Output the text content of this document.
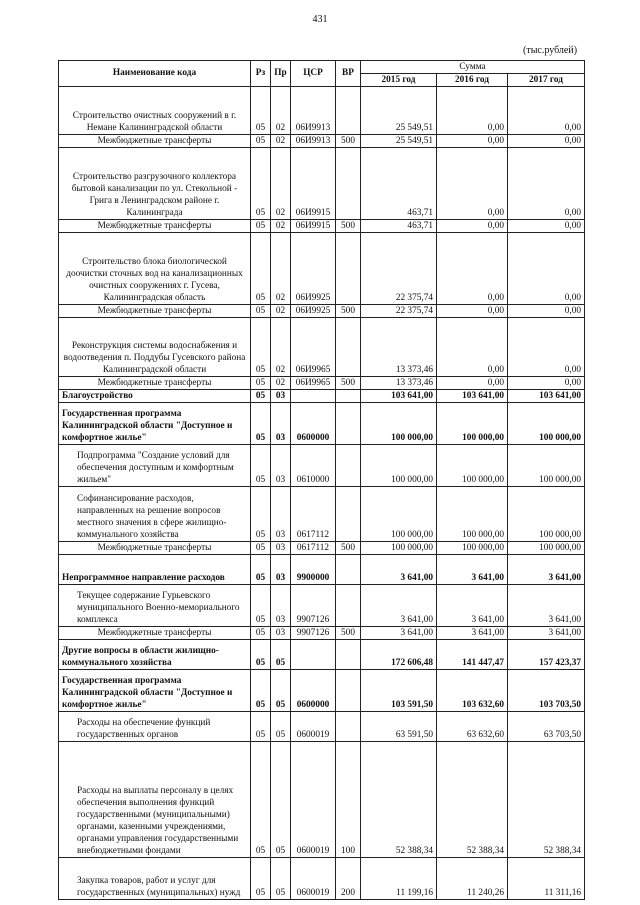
431
(тыс.рублей)
Наименование кода	Рз	Пр	ЦСР	ВР	Сумма		
					2015 год	2016 год	2017 год
Строительство очистных сооружений в г. Немане Калининградской области	05	02	06И9913		25 549,51	0,00	0,00
Межбюджетные трансферты	05	02	06И9913	500	25 549,51	0,00	0,00
Строительство разгрузочного коллектора бытовой канализации по ул. Стекольной - Грига в Ленинградском районе г. Калининграда	05	02	06И9915		463,71	0,00	0,00
Межбюджетные трансферты	05	02	06И9915	500	463,71	0,00	0,00
Строительство блока биологической доочистки сточных вод на канализационных очистных сооружениях г. Гусева, Калининградская область	05	02	06И9925		22 375,74	0,00	0,00
Межбюджетные трансферты	05	02	06И9925	500	22 375,74	0,00	0,00
Реконструкция системы водоснабжения и водоотведения п. Поддубы Гусевского района Калининградской области	05	02	06И9965		13 373,46	0,00	0,00
Межбюджетные трансферты	05	02	06И9965	500	13 373,46	0,00	0,00
Благоустройство	05	03			103 641,00	103 641,00	103 641,00
Государственная программа Калининградской области "Доступное и комфортное жилье"	05	03	0600000		100 000,00	100 000,00	100 000,00
Подпрограмма "Создание условий для обеспечения доступным и комфортным жильем"	05	03	0610000		100 000,00	100 000,00	100 000,00
Софинансирование расходов, направленных на решение вопросов местного значения в сфере жилищно-коммунального хозяйства	05	03	0617112		100 000,00	100 000,00	100 000,00
Межбюджетные трансферты	05	03	0617112	500	100 000,00	100 000,00	100 000,00
Непрограммное направление расходов	05	03	9900000		3 641,00	3 641,00	3 641,00
Текущее содержание Гурьевского муниципального Военно-мемориального комплекса	05	03	9907126		3 641,00	3 641,00	3 641,00
Межбюджетные трансферты	05	03	9907126	500	3 641,00	3 641,00	3 641,00
Другие вопросы в области жилищно-коммунального хозяйства	05	05			172 606,48	141 447,47	157 423,37
Государственная программа Калининградской области "Доступное и комфортное жилье"	05	05	0600000		103 591,50	103 632,60	103 703,50
Расходы на обеспечение функций государственных органов	05	05	0600019		63 591,50	63 632,60	63 703,50
Расходы на выплаты персоналу в целях обеспечения выполнения функций государственными (муниципальными) органами, казенными учреждениями, органами управления государственными внебюджетными фондами	05	05	0600019	100	52 388,34	52 388,34	52 388,34
Закупка товаров, работ и услуг для государственных (муниципальных) нужд	05	05	0600019	200	11 199,16	11 240,26	11 311,16
